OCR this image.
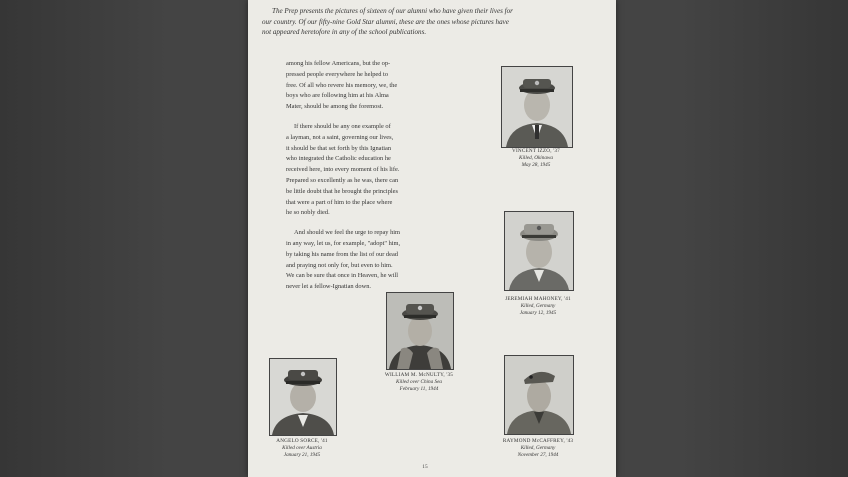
The Prep presents the pictures of sixteen of our alumni who have given their lives for
our country. Of our fifty-nine Gold Star alumni, these are the ones whose pictures have
not appeared heretofore in any of the school publications.

among his fellow Americans, but the op-
pressed people everywhere he helped to
free. Of all who revere his memory, we, the
boys who are following him at his Alma
Mater, should be among the foremost.

If there should be any one example of
a layman, not a saint, governing our lives,
it should be that set forth by this Ignatian
who integrated the Catholic education he
received here, into every moment of his life.
Prepared so excellently as he was, there can
be little doubt that he brought the principles
that were a part of him to the place where
he so nobly died.

And should we feel the urge to repay him
in any way, let us, for example, "adopt" him,
by taking his name from the list of our dead
and praying not only for, but even to him.
We can be sure that once in Heaven, he will
never let a fellow-Ignatian down.

VINCENT IZZO, '37
Killed, Okinawa
May 28, 1945
JEREMIAH MAHONEY, '41
Killed, Germany
January 12, 1945
WILLIAM M. McNULTY, '35
Killed over China Sea
February 11, 1944
ANGELO SORCE, '41
Killed over Austria
January 21, 1945
RAYMOND McCAFFREY, '43
Killed, Germany
November 27, 1944
15
